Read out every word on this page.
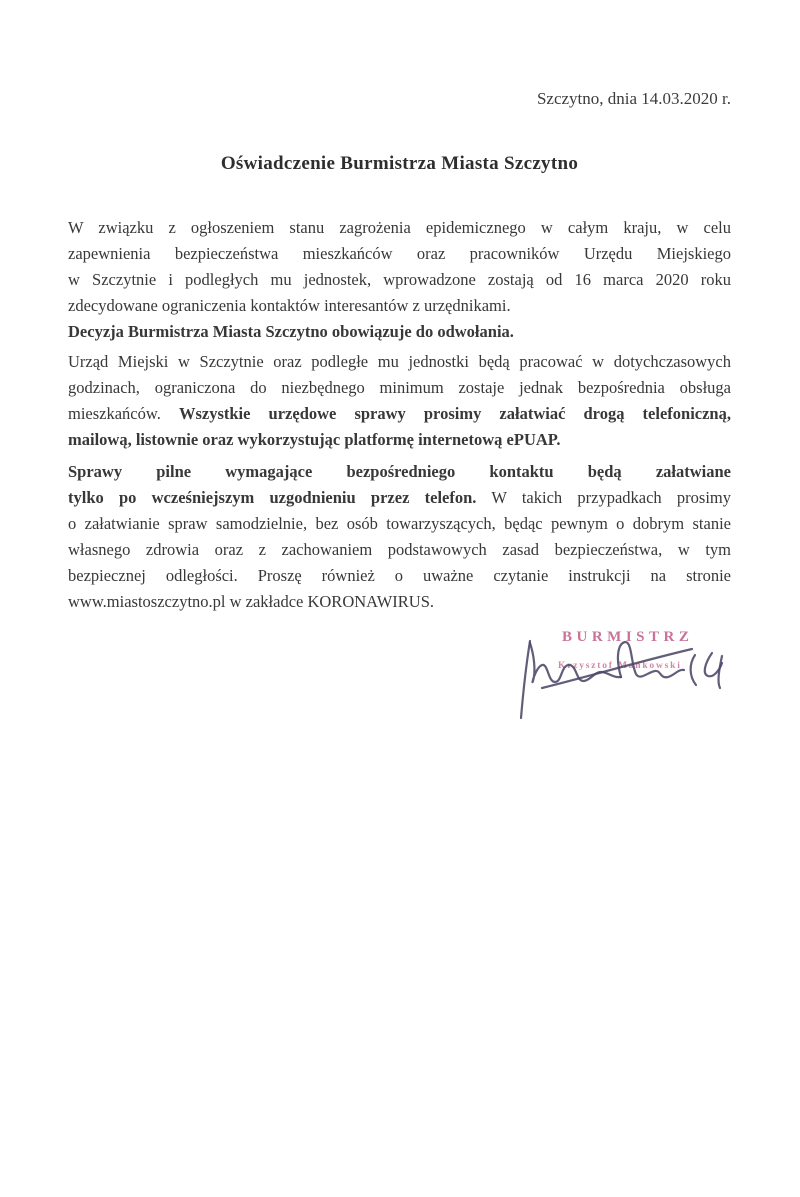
Szczytno, dnia 14.03.2020 r.
Oświadczenie Burmistrza Miasta Szczytno
W związku z ogłoszeniem stanu zagrożenia epidemicznego w całym kraju, w celu
zapewnienia bezpieczeństwa mieszkańców oraz pracowników Urzędu Miejskiego
w Szczytnie i podległych mu jednostek, wprowadzone zostają od 16 marca 2020 roku
zdecydowane ograniczenia kontaktów interesantów z urzędnikami.
Decyzja Burmistrza Miasta Szczytno obowiązuje do odwołania.
Urząd Miejski w Szczytnie oraz podległe mu jednostki będą pracować w dotychczasowych
godzinach, ograniczona do niezbędnego minimum zostaje jednak bezpośrednia obsługa
mieszkańców. Wszystkie urzędowe sprawy prosimy załatwiać drogą telefoniczną,
mailową, listownie oraz wykorzystując platformę internetową ePUAP.
Sprawy pilne wymagające bezpośredniego kontaktu będą załatwiane
tylko po wcześniejszym uzgodnieniu przez telefon. W takich przypadkach prosimy
o załatwianie spraw samodzielnie, bez osób towarzyszących, będąc pewnym o dobrym stanie
własnego zdrowia oraz z zachowaniem podstawowych zasad bezpieczeństwa, w tym
bezpiecznej odległości. Proszę również o uważne czytanie instrukcji na stronie
www.miastoszczytno.pl w zakładce KORONAWIRUS.
BURMISTRZ
Krzysztof Mańkowski
